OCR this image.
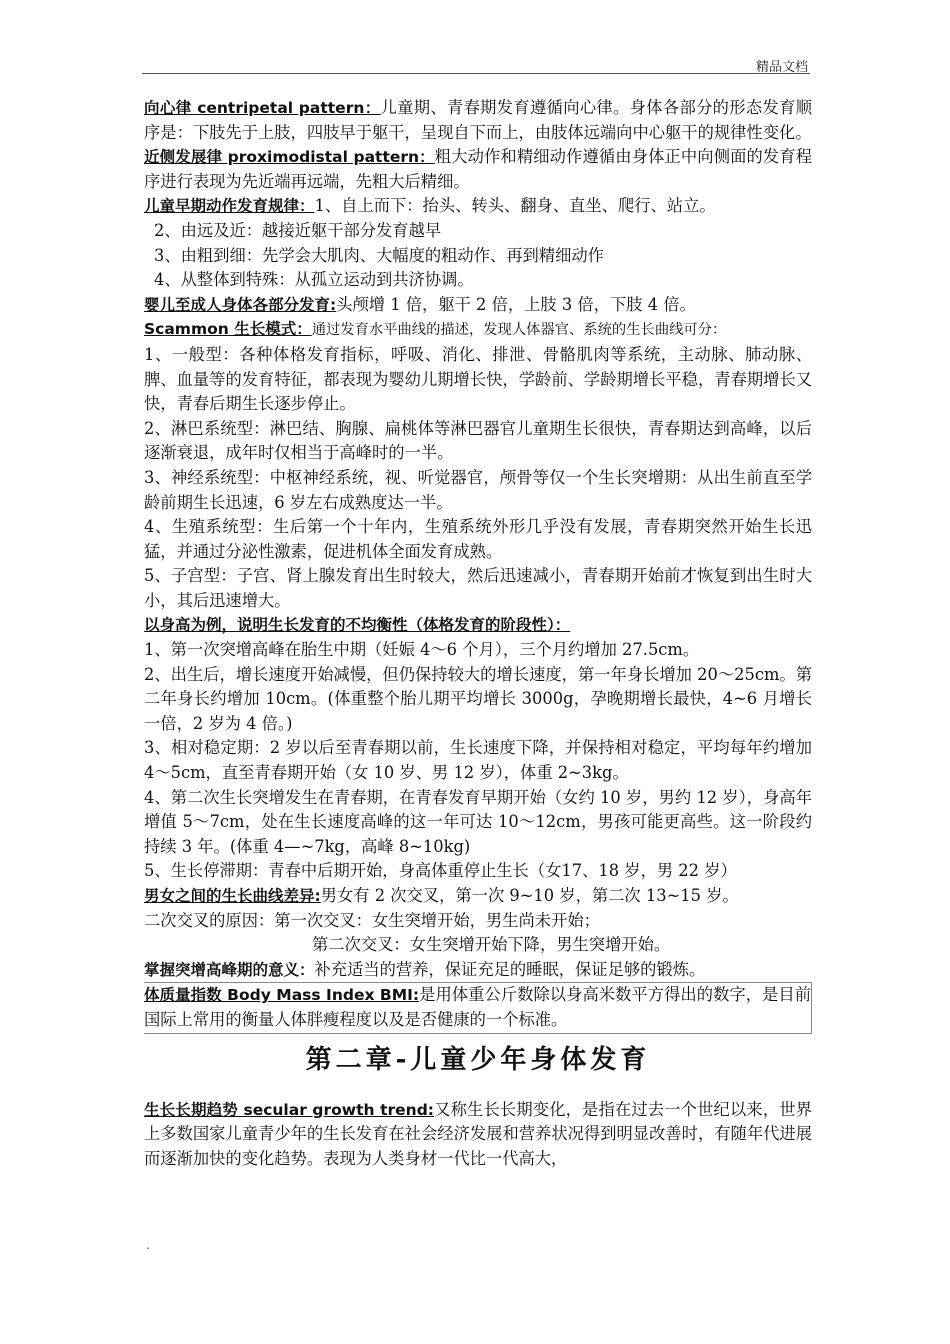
精品文档

向心律 centripetal pattern：儿童期、青春期发育遵循向心律。身体各部分的形态发育顺序是：下肢先于上肢，四肢早于躯干，呈现自下而上，由肢体远端向中心躯干的规律性变化。

近侧发展律 proximodistal pattern：粗大动作和精细动作遵循由身体正中向侧面的发育程序进行表现为先近端再远端，先粗大后精细。

儿童早期动作发育规律：1、自上而下：抬头、转头、翻身、直坐、爬行、站立。

2、由远及近：越接近躯干部分发育越早

3、由粗到细：先学会大肌肉、大幅度的粗动作、再到精细动作

4、从整体到特殊：从孤立运动到共济协调。

婴儿至成人身体各部分发育:头颅增 1 倍，躯干 2 倍，上肢 3 倍，下肢 4 倍。

Scammon 生长模式：通过发育水平曲线的描述，发现人体器官、系统的生长曲线可分：

1、一般型：各种体格发育指标，呼吸、消化、排泄、骨骼肌肉等系统，主动脉、肺动脉、脾、血量等的发育特征，都表现为婴幼儿期增长快，学龄前、学龄期增长平稳，青春期增长又快，青春后期生长逐步停止。

2、淋巴系统型：淋巴结、胸腺、扁桃体等淋巴器官儿童期生长很快，青春期达到高峰，以后逐渐衰退，成年时仅相当于高峰时的一半。

3、神经系统型：中枢神经系统，视、听觉器官，颅骨等仅一个生长突增期：从出生前直至学龄前期生长迅速，6 岁左右成熟度达一半。

4、生殖系统型：生后第一个十年内，生殖系统外形几乎没有发展，青春期突然开始生长迅猛，并通过分泌性激素，促进机体全面发育成熟。

5、子宫型：子宫、肾上腺发育出生时较大，然后迅速减小，青春期开始前才恢复到出生时大小，其后迅速增大。

以身高为例，说明生长发育的不均衡性（体格发育的阶段性）：

1、第一次突增高峰在胎生中期（妊娠 4～6 个月），三个月约增加 27.5cm。

2、出生后，增长速度开始减慢，但仍保持较大的增长速度，第一年身长增加 20～25cm。第二年身长约增加 10cm。(体重整个胎儿期平均增长 3000g，孕晚期增长最快，4~6 月增长一倍，2 岁为 4 倍。)

3、相对稳定期：2 岁以后至青春期以前，生长速度下降，并保持相对稳定，平均每年约增加 4～5cm，直至青春期开始（女 10 岁、男 12 岁），体重 2~3kg。

4、第二次生长突增发生在青春期，在青春发育早期开始（女约 10 岁，男约 12 岁），身高年增值 5～7cm，处在生长速度高峰的这一年可达 10～12cm，男孩可能更高些。这一阶段约持续 3 年。(体重 4—~7kg，高峰 8~10kg)

5、生长停滞期：青春中后期开始，身高体重停止生长（女17、18 岁，男 22 岁）

男女之间的生长曲线差异:男女有 2 次交叉，第一次 9~10 岁，第二次 13~15 岁。

二次交叉的原因：第一次交叉：女生突增开始，男生尚未开始；

第二次交叉：女生突增开始下降，男生突增开始。

掌握突增高峰期的意义：补充适当的营养，保证充足的睡眠，保证足够的锻炼。

体质量指数 Body Mass Index BMI:是用体重公斤数除以身高米数平方得出的数字，是目前国际上常用的衡量人体胖瘦程度以及是否健康的一个标准。

第二章-儿童少年身体发育

生长长期趋势 secular growth trend:又称生长长期变化，是指在过去一个世纪以来，世界上多数国家儿童青少年的生长发育在社会经济发展和营养状况得到明显改善时，有随年代进展而逐渐加快的变化趋势。表现为人类身材一代比一代高大，

.
